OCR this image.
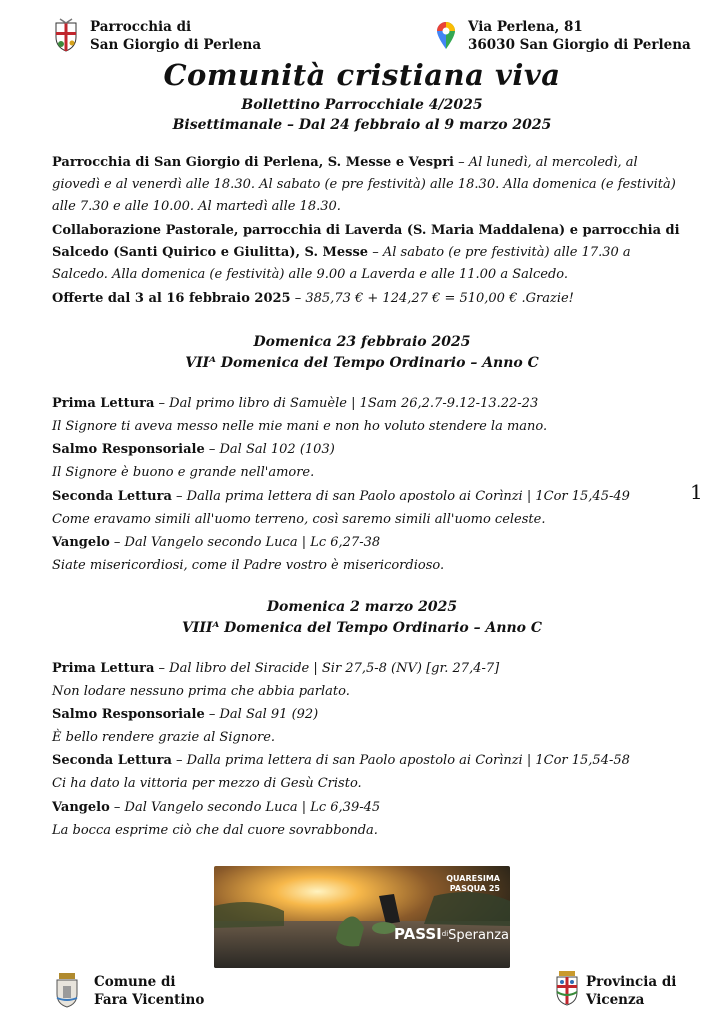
Parrocchia di
San Giorgio di Perlena
Via Perlena, 81
36030 San Giorgio di Perlena
Comunità cristiana viva
Bollettino Parrocchiale 4/2025
Bisettimanale – Dal 24 febbraio al 9 marzo 2025
Parrocchia di San Giorgio di Perlena, S. Messe e Vespri – Al lunedì, al mercoledì, al giovedì e al venerdì alle 18.30. Al sabato (e pre festività) alle 18.30. Alla domenica (e festività) alle 7.30 e alle 10.00. Al martedì alle 18.30.
Collaborazione Pastorale, parrocchia di Laverda (S. Maria Maddalena) e parrocchia di Salcedo (Santi Quirico e Giulitta), S. Messe – Al sabato (e pre festività) alle 17.30 a Salcedo. Alla domenica (e festività) alle 9.00 a Laverda e alle 11.00 a Salcedo.
Offerte dal 3 al 16 febbraio 2025 – 385,73 € + 124,27 € = 510,00 € .Grazie!
Domenica 23 febbraio 2025
VIIᴬ Domenica del Tempo Ordinario – Anno C
Prima Lettura – Dal primo libro di Samuèle | 1Sam 26,2.7-9.12-13.22-23
Il Signore ti aveva messo nelle mie mani e non ho voluto stendere la mano.
Salmo Responsoriale – Dal Sal 102 (103)
Il Signore è buono e grande nell'amore.
Seconda Lettura – Dalla prima lettera di san Paolo apostolo ai Corìnzi | 1Cor 15,45-49
Come eravamo simili all'uomo terreno, così saremo simili all'uomo celeste.
Vangelo – Dal Vangelo secondo Luca | Lc 6,27-38
Siate misericordiosi, come il Padre vostro è misericordioso.
1
Domenica 2 marzo 2025
VIIIᴬ Domenica del Tempo Ordinario – Anno C
Prima Lettura – Dal libro del Siracide | Sir 27,5-8 (NV) [gr. 27,4-7]
Non lodare nessuno prima che abbia parlato.
Salmo Responsoriale – Dal Sal 91 (92)
È bello rendere grazie al Signore.
Seconda Lettura – Dalla prima lettera di san Paolo apostolo ai Corìnzi | 1Cor 15,54-58
Ci ha dato la vittoria per mezzo di Gesù Cristo.
Vangelo – Dal Vangelo secondo Luca | Lc 6,39-45
La bocca esprime ciò che dal cuore sovrabbonda.
QUARESIMA
PASQUA 25
$PASSI^{di}Speranza$
Comune di
Fara Vicentino
Provincia di
Vicenza
